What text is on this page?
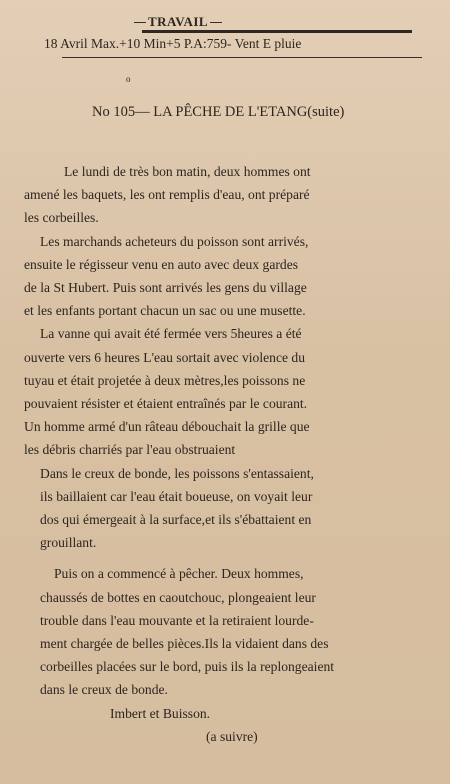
TRAVAIL
18 Avril Max.+10 Min+5 P.A:759- Vent E pluie
o
No 105— LA PÊCHE DE L'ETANG(suite)
Le lundi de très bon matin, deux hommes ont
amené les baquets, les ont remplis d'eau, ont préparé
les corbeilles.
Les marchands acheteurs du poisson sont arrivés,
ensuite le régisseur venu en auto avec deux gardes
de la St Hubert. Puis sont arrivés les gens du village
et les enfants portant chacun un sac ou une musette.
La vanne qui avait été fermée vers 5heures a été
ouverte vers 6 heures L'eau sortait avec violence du
tuyau et était projetée à deux mètres,les poissons ne
pouvaient résister et étaient entraînés par le courant.
Un homme armé d'un râteau débouchait la grille que
les débris charriés par l'eau obstruaient
Dans le creux de bonde, les poissons s'entassaient,
ils baillaient car l'eau était boueuse, on voyait leur
dos qui émergeait à la surface,et ils s'ébattaient en
grouillant.
Puis on a commencé à pêcher. Deux hommes,
chaussés de bottes en caoutchouc, plongeaient leur
trouble dans l'eau mouvante et la retiraient lourde-
ment chargée de belles pièces.Ils la vidaient dans des
corbeilles placées sur le bord, puis ils la replongeaient
dans le creux de bonde.
Imbert et Buisson.
(a suivre)
